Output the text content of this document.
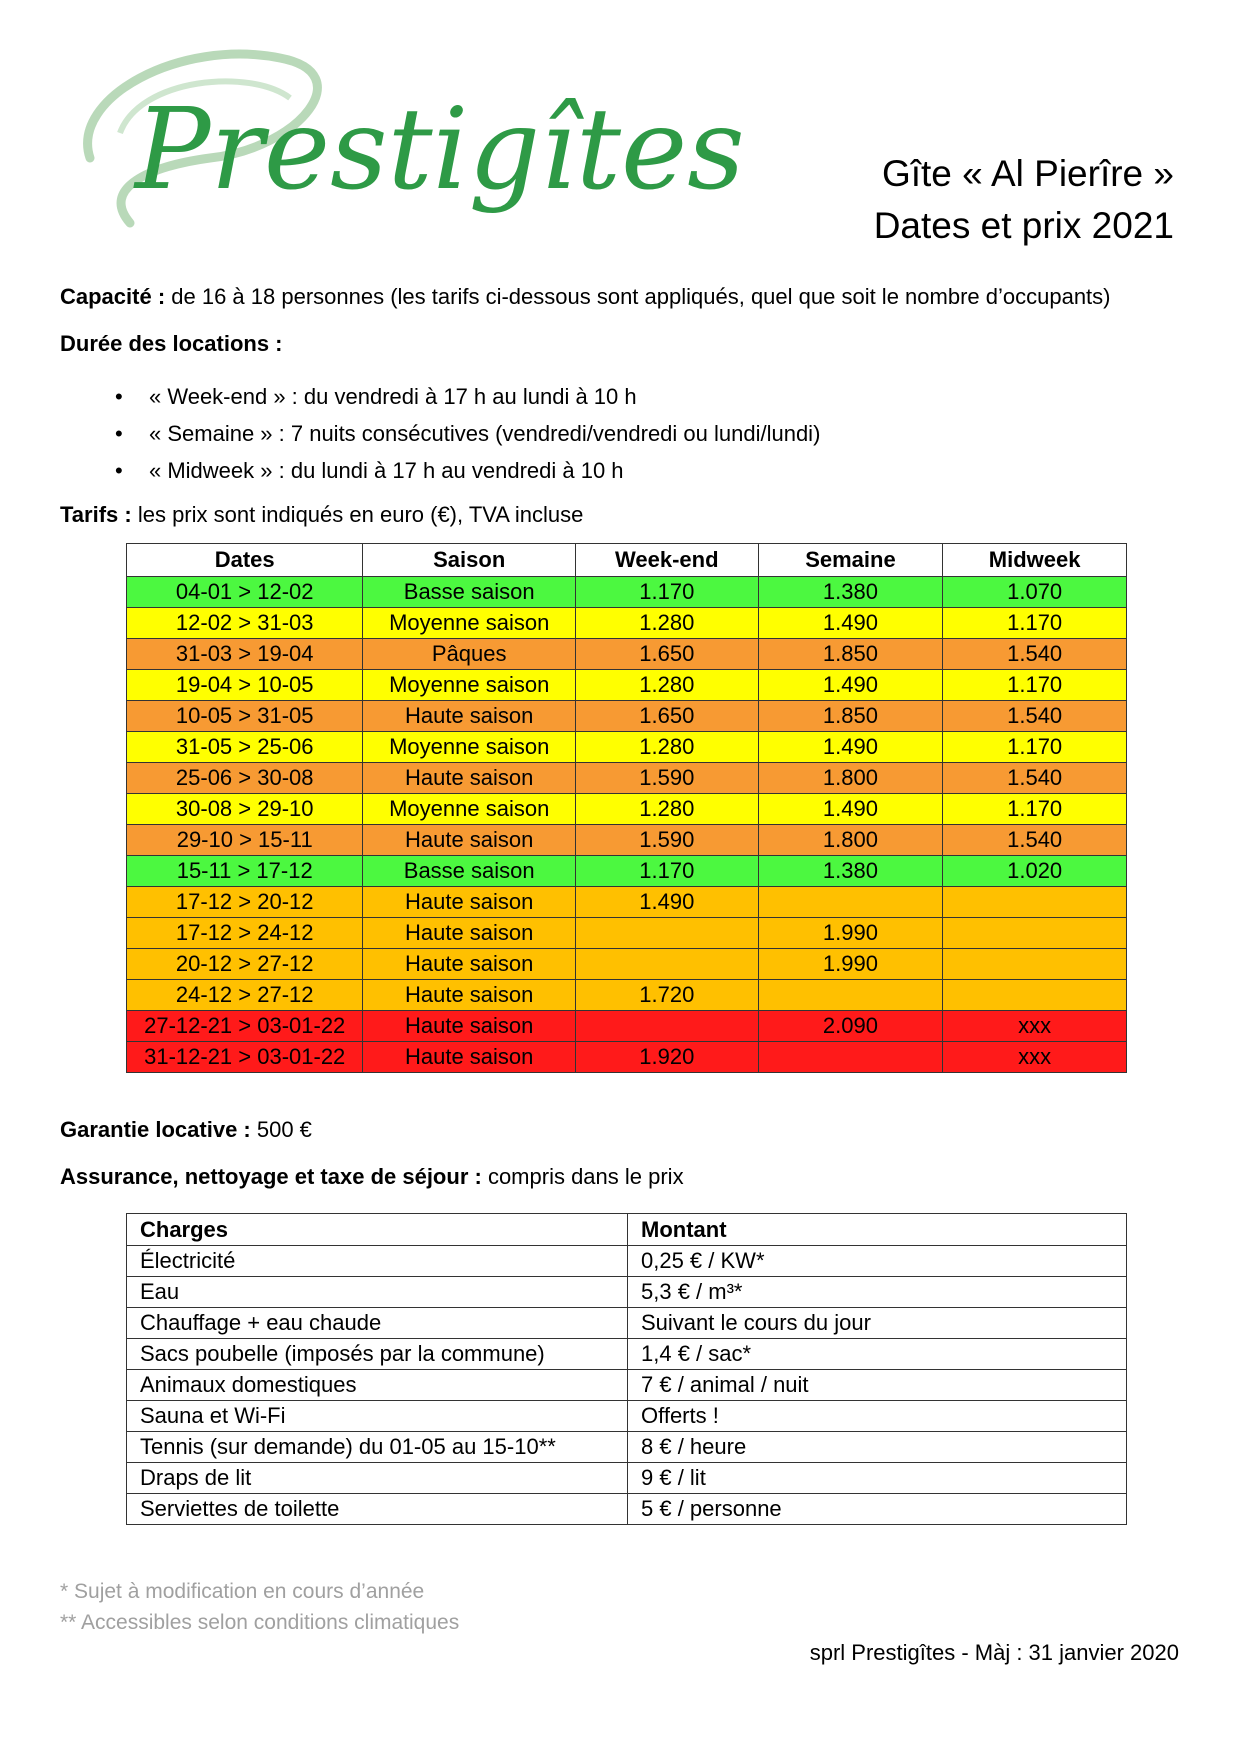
Prestigîtes	Gîte « Al Pierîre »
Dates et prix 2021
Capacité : de 16 à 18 personnes (les tarifs ci-dessous sont appliqués, quel que soit le nombre d’occupants)
Durée des locations :
• « Week-end » : du vendredi à 17 h au lundi à 10 h
• « Semaine » : 7 nuits consécutives (vendredi/vendredi ou lundi/lundi)
• « Midweek » : du lundi à 17 h au vendredi à 10 h
Tarifs : les prix sont indiqués en euro (€), TVA incluse
Dates	Saison	Week-end	Semaine	Midweek
04-01 > 12-02	Basse saison	1.170	1.380	1.070
12-02 > 31-03	Moyenne saison	1.280	1.490	1.170
31-03 > 19-04	Pâques	1.650	1.850	1.540
19-04 > 10-05	Moyenne saison	1.280	1.490	1.170
10-05 > 31-05	Haute saison	1.650	1.850	1.540
31-05 > 25-06	Moyenne saison	1.280	1.490	1.170
25-06 > 30-08	Haute saison	1.590	1.800	1.540
30-08 > 29-10	Moyenne saison	1.280	1.490	1.170
29-10 > 15-11	Haute saison	1.590	1.800	1.540
15-11 > 17-12	Basse saison	1.170	1.380	1.020
17-12 > 20-12	Haute saison	1.490		
17-12 > 24-12	Haute saison		1.990	
20-12 > 27-12	Haute saison		1.990	
24-12 > 27-12	Haute saison	1.720		
27-12-21 > 03-01-22	Haute saison		2.090	xxx
31-12-21 > 03-01-22	Haute saison	1.920		xxx
Garantie locative : 500 €
Assurance, nettoyage et taxe de séjour : compris dans le prix
Charges	Montant
Électricité	0,25 € / KW*
Eau	5,3 € / m³*
Chauffage + eau chaude	Suivant le cours du jour
Sacs poubelle (imposés par la commune)	1,4 € / sac*
Animaux domestiques	7 € / animal / nuit
Sauna et Wi-Fi	Offerts !
Tennis (sur demande) du 01-05 au 15-10**	8 € / heure
Draps de lit	9 € / lit
Serviettes de toilette	5 € / personne
* Sujet à modification en cours d’année
** Accessibles selon conditions climatiques
sprl Prestigîtes - Màj : 31 janvier 2020
